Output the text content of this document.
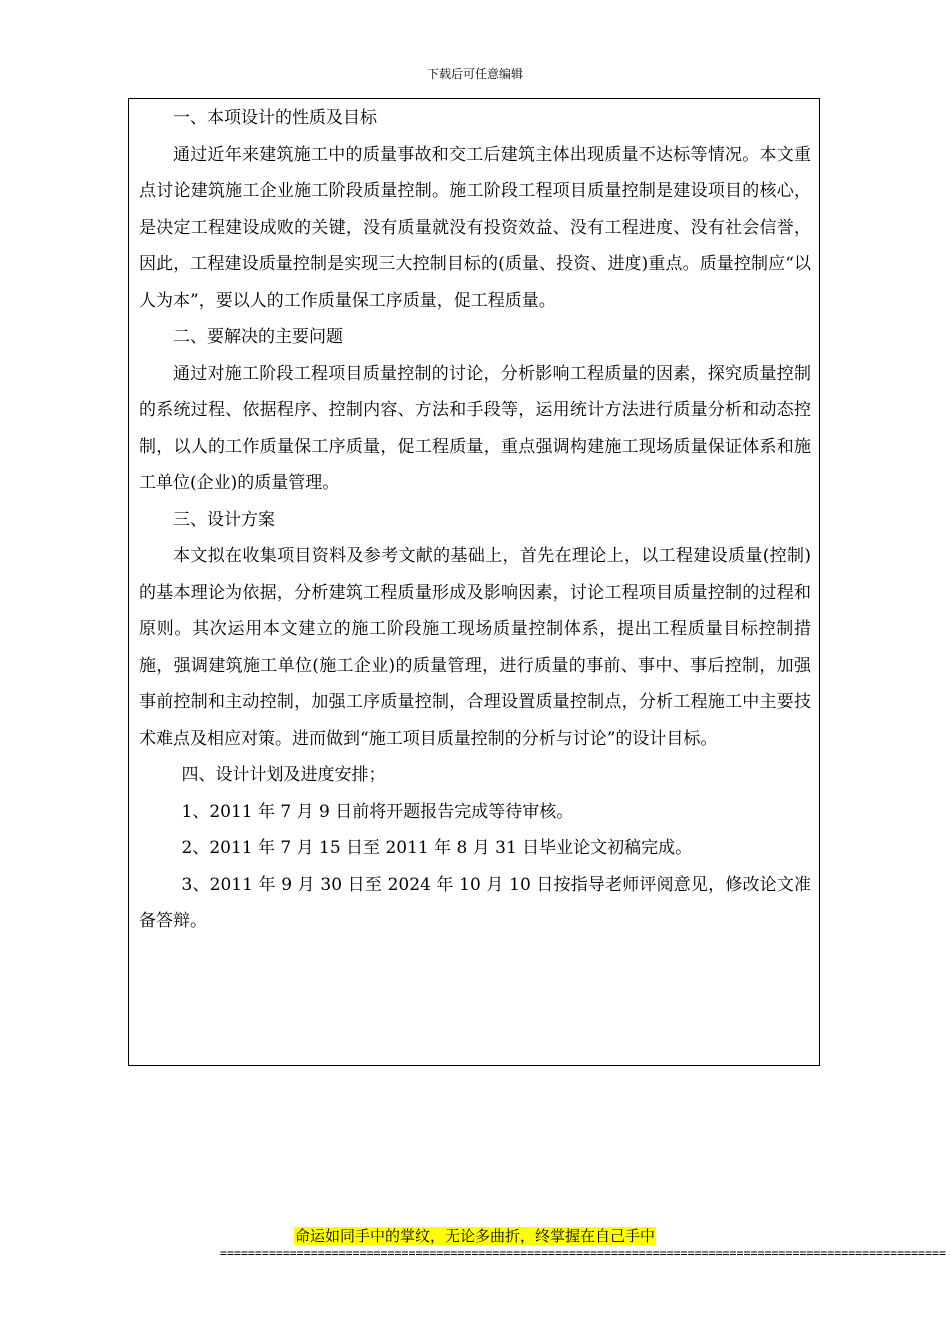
下载后可任意编辑

一、本项设计的性质及目标

通过近年来建筑施工中的质量事故和交工后建筑主体出现质量不达标等情况。本文重点讨论建筑施工企业施工阶段质量控制。施工阶段工程项目质量控制是建设项目的核心，是决定工程建设成败的关键，没有质量就没有投资效益、没有工程进度、没有社会信誉，因此，工程建设质量控制是实现三大控制目标的(质量、投资、进度)重点。质量控制应“以人为本”，要以人的工作质量保工序质量，促工程质量。

二、要解决的主要问题

通过对施工阶段工程项目质量控制的讨论，分析影响工程质量的因素，探究质量控制的系统过程、依据程序、控制内容、方法和手段等，运用统计方法进行质量分析和动态控制，以人的工作质量保工序质量，促工程质量，重点强调构建施工现场质量保证体系和施工单位(企业)的质量管理。

三、设计方案

本文拟在收集项目资料及参考文献的基础上，首先在理论上，以工程建设质量(控制)的基本理论为依据，分析建筑工程质量形成及影响因素，讨论工程项目质量控制的过程和原则。其次运用本文建立的施工阶段施工现场质量控制体系，提出工程质量目标控制措施，强调建筑施工单位(施工企业)的质量管理，进行质量的事前、事中、事后控制，加强事前控制和主动控制，加强工序质量控制，合理设置质量控制点，分析工程施工中主要技术难点及相应对策。进而做到“施工项目质量控制的分析与讨论”的设计目标。

四、设计计划及进度安排；

1、2011 年 7 月 9 日前将开题报告完成等待审核。

2、2011 年 7 月 15 日至 2011 年 8 月 31 日毕业论文初稿完成。

3、2011 年 9 月 30 日至 2024 年 10 月 10 日按指导老师评阅意见，修改论文准备答辩。

命运如同手中的掌纹，无论多曲折，终掌握在自己手中
========================================================================================================
